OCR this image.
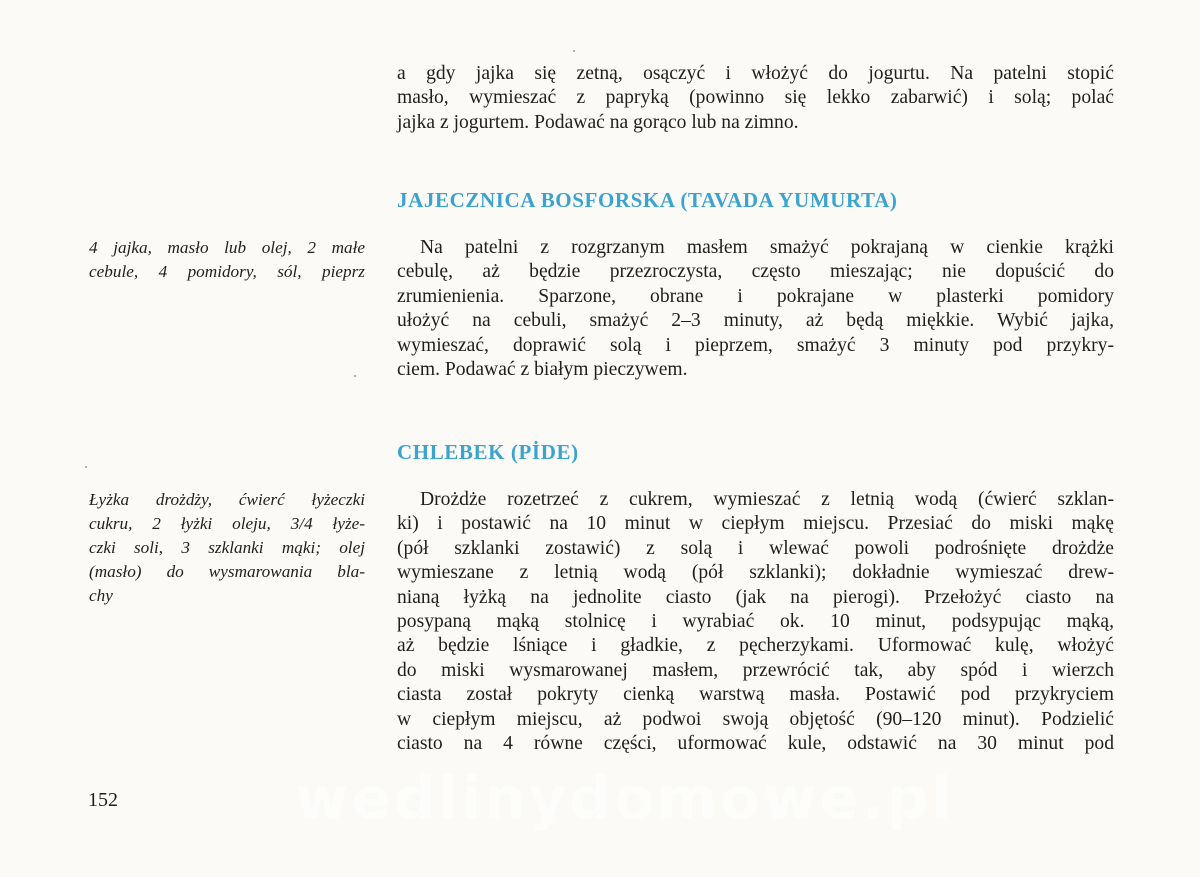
a gdy jajka się zetną, osączyć i włożyć do jogurtu. Na patelni stopić
masło, wymieszać z papryką (powinno się lekko zabarwić) i solą; polać
jajka z jogurtem. Podawać na gorąco lub na zimno.

JAJECZNICA BOSFORSKA (TAVADA YUMURTA)

4 jajka, masło lub olej, 2 małe
cebule, 4 pomidory, sól, pieprz

Na patelni z rozgrzanym masłem smażyć pokrajaną w cienkie krążki
cebulę, aż będzie przezroczysta, często mieszając; nie dopuścić do
zrumienienia. Sparzone, obrane i pokrajane w plasterki pomidory
ułożyć na cebuli, smażyć 2–3 minuty, aż będą miękkie. Wybić jajka,
wymieszać, doprawić solą i pieprzem, smażyć 3 minuty pod przykry-
ciem. Podawać z białym pieczywem.

CHLEBEK (PİDE)

Łyżka drożdży, ćwierć łyżeczki
cukru, 2 łyżki oleju, 3/4 łyże-
czki soli, 3 szklanki mąki; olej
(masło) do wysmarowania bla-
chy

Drożdże rozetrzeć z cukrem, wymieszać z letnią wodą (ćwierć szklan-
ki) i postawić na 10 minut w ciepłym miejscu. Przesiać do miski mąkę
(pół szklanki zostawić) z solą i wlewać powoli podrośnięte drożdże
wymieszane z letnią wodą (pół szklanki); dokładnie wymieszać drew-
nianą łyżką na jednolite ciasto (jak na pierogi). Przełożyć ciasto na
posypaną mąką stolnicę i wyrabiać ok. 10 minut, podsypując mąką,
aż będzie lśniące i gładkie, z pęcherzykami. Uformować kulę, włożyć
do miski wysmarowanej masłem, przewrócić tak, aby spód i wierzch
ciasta został pokryty cienką warstwą masła. Postawić pod przykryciem
w ciepłym miejscu, aż podwoi swoją objętość (90–120 minut). Podzielić
ciasto na 4 równe części, uformować kule, odstawić na 30 minut pod

152	wedlinydomowe.pl
